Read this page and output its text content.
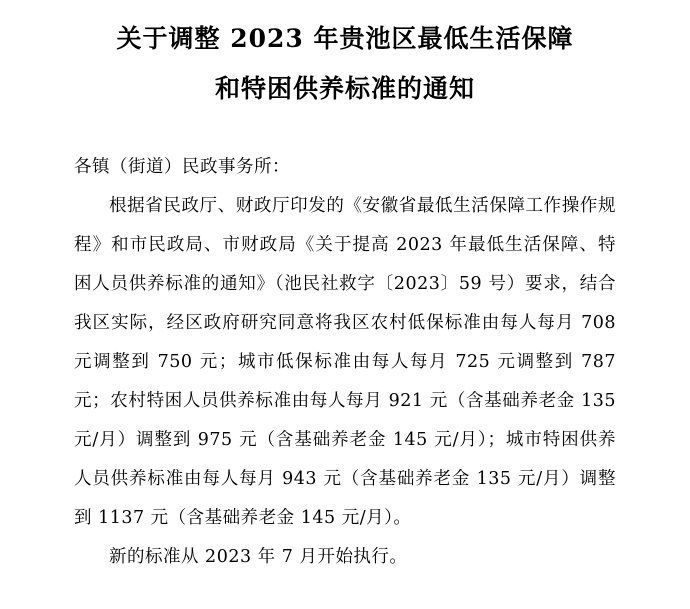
关于调整 2023 年贵池区最低生活保障
和特困供养标准的通知

各镇（街道）民政事务所：

根据省民政厅、财政厅印发的《安徽省最低生活保障工作操作规程》和市民政局、市财政局《关于提高 2023 年最低生活保障、特困人员供养标准的通知》（池民社救字〔2023〕59 号）要求，结合我区实际，经区政府研究同意将我区农村低保标准由每人每月 708 元调整到 750 元；城市低保标准由每人每月 725 元调整到 787 元；农村特困人员供养标准由每人每月 921 元（含基础养老金 135 元/月）调整到 975 元（含基础养老金 145 元/月）；城市特困供养人员供养标准由每人每月 943 元（含基础养老金 135 元/月）调整到 1137 元（含基础养老金 145 元/月）。

新的标准从 2023 年 7 月开始执行。
